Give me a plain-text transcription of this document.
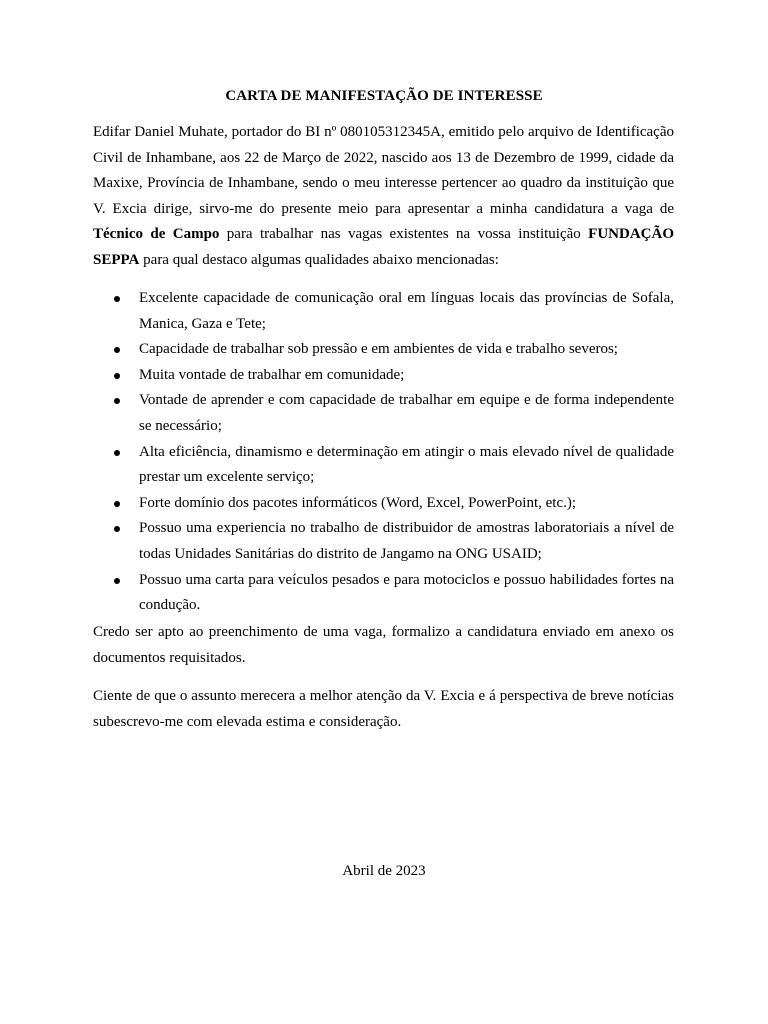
CARTA DE MANIFESTAÇÃO DE INTERESSE
Edifar Daniel Muhate, portador do BI nº 080105312345A, emitido pelo arquivo de Identificação Civil de Inhambane, aos 22 de Março de 2022, nascido aos 13 de Dezembro de 1999, cidade da Maxixe, Província de Inhambane, sendo o meu interesse pertencer ao quadro da instituição que V. Excia dirige, sirvo-me do presente meio para apresentar a minha candidatura a vaga de Técnico de Campo para trabalhar nas vagas existentes na vossa instituição FUNDAÇÃO SEPPA para qual destaco algumas qualidades abaixo mencionadas:
Excelente capacidade de comunicação oral em línguas locais das províncias de Sofala, Manica, Gaza e Tete;
Capacidade de trabalhar sob pressão e em ambientes de vida e trabalho severos;
Muita vontade de trabalhar em comunidade;
Vontade de aprender e com capacidade de trabalhar em equipe e de forma independente se necessário;
Alta eficiência, dinamismo e determinação em atingir o mais elevado nível de qualidade prestar um excelente serviço;
Forte domínio dos pacotes informáticos (Word, Excel, PowerPoint, etc.);
Possuo uma experiencia no trabalho de distribuidor de amostras laboratoriais a nível de todas Unidades Sanitárias do distrito de Jangamo na ONG USAID;
Possuo uma carta para veículos pesados e para motociclos e possuo habilidades fortes na condução.
Credo ser apto ao preenchimento de uma vaga, formalizo a candidatura enviado em anexo os documentos requisitados.
Ciente de que o assunto merecera a melhor atenção da V. Excia e á perspectiva de breve notícias subescrevo-me com elevada estima e consideração.
Abril de 2023
